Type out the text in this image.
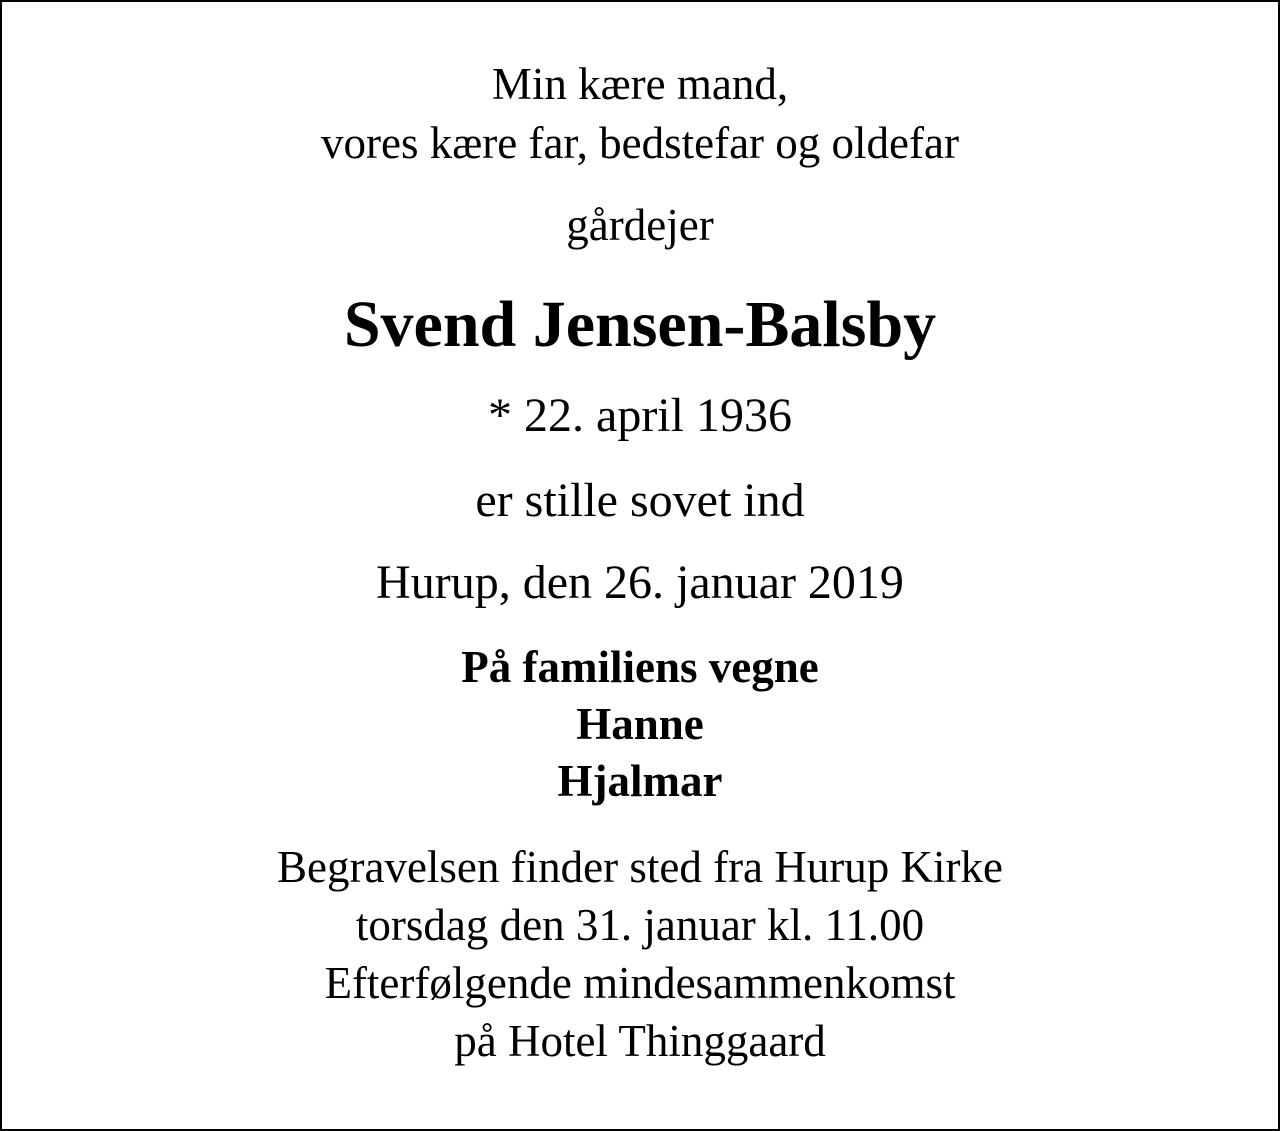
Min kære mand,
vores kære far, bedstefar og oldefar
gårdejer
Svend Jensen-Balsby
* 22. april 1936
er stille sovet ind
Hurup, den 26. januar 2019
På familiens vegne
Hanne
Hjalmar
Begravelsen finder sted fra Hurup Kirke
torsdag den 31. januar kl. 11.00
Efterfølgende mindesammenkomst
på Hotel Thinggaard
